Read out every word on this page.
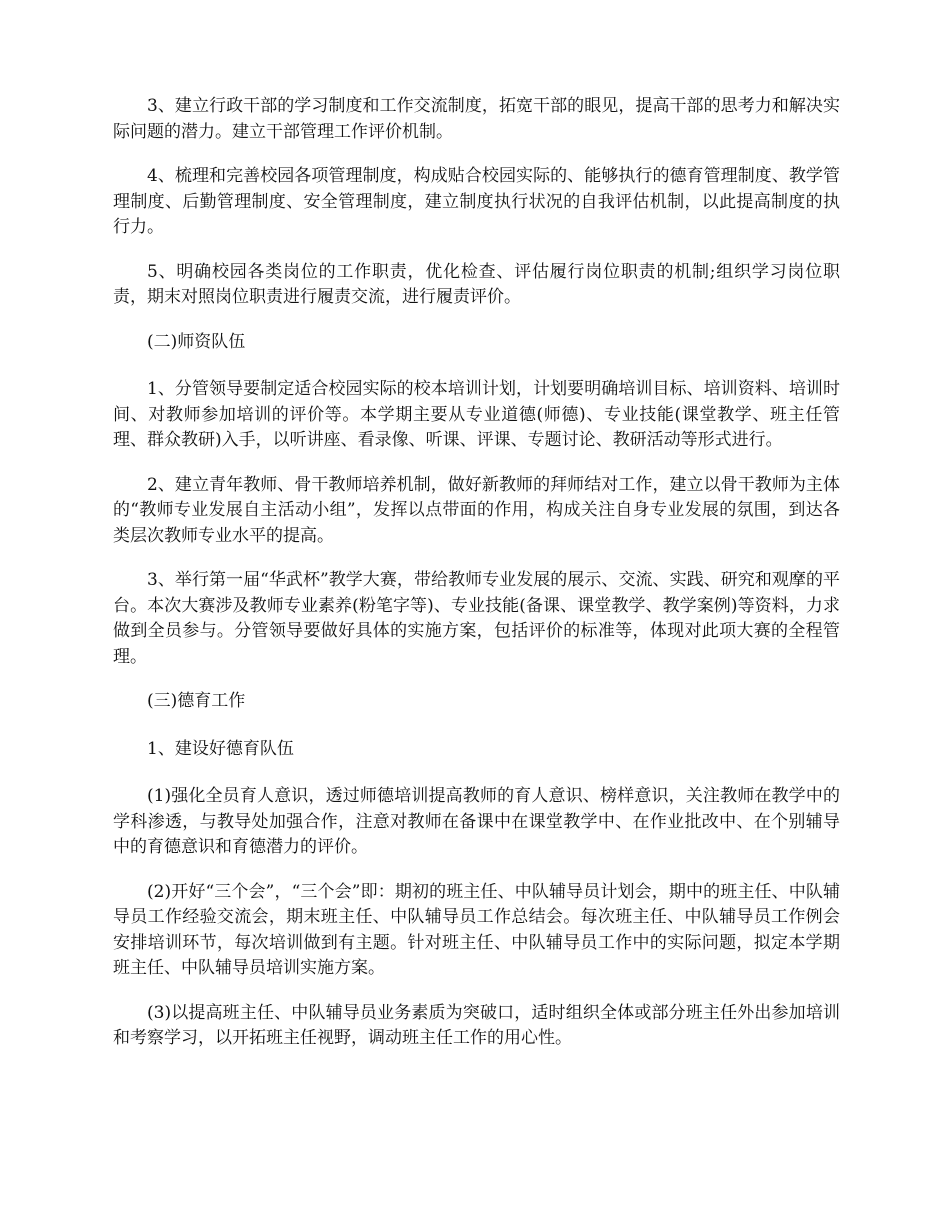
3、建立行政干部的学习制度和工作交流制度，拓宽干部的眼见，提高干部的思考力和解决实际问题的潜力。建立干部管理工作评价机制。

4、梳理和完善校园各项管理制度，构成贴合校园实际的、能够执行的德育管理制度、教学管理制度、后勤管理制度、安全管理制度，建立制度执行状况的自我评估机制，以此提高制度的执行力。

5、明确校园各类岗位的工作职责，优化检查、评估履行岗位职责的机制;组织学习岗位职责，期末对照岗位职责进行履责交流，进行履责评价。

(二)师资队伍

1、分管领导要制定适合校园实际的校本培训计划，计划要明确培训目标、培训资料、培训时间、对教师参加培训的评价等。本学期主要从专业道德(师德)、专业技能(课堂教学、班主任管理、群众教研)入手，以听讲座、看录像、听课、评课、专题讨论、教研活动等形式进行。

2、建立青年教师、骨干教师培养机制，做好新教师的拜师结对工作，建立以骨干教师为主体的“教师专业发展自主活动小组”，发挥以点带面的作用，构成关注自身专业发展的氛围，到达各类层次教师专业水平的提高。

3、举行第一届“华武杯”教学大赛，带给教师专业发展的展示、交流、实践、研究和观摩的平台。本次大赛涉及教师专业素养(粉笔字等)、专业技能(备课、课堂教学、教学案例)等资料，力求做到全员参与。分管领导要做好具体的实施方案，包括评价的标准等，体现对此项大赛的全程管理。

(三)德育工作

1、建设好德育队伍

(1)强化全员育人意识，透过师德培训提高教师的育人意识、榜样意识，关注教师在教学中的学科渗透，与教导处加强合作，注意对教师在备课中在课堂教学中、在作业批改中、在个别辅导中的育德意识和育德潜力的评价。

(2)开好“三个会”，“三个会”即：期初的班主任、中队辅导员计划会，期中的班主任、中队辅导员工作经验交流会，期末班主任、中队辅导员工作总结会。每次班主任、中队辅导员工作例会安排培训环节，每次培训做到有主题。针对班主任、中队辅导员工作中的实际问题，拟定本学期班主任、中队辅导员培训实施方案。

(3)以提高班主任、中队辅导员业务素质为突破口，适时组织全体或部分班主任外出参加培训和考察学习，以开拓班主任视野，调动班主任工作的用心性。
